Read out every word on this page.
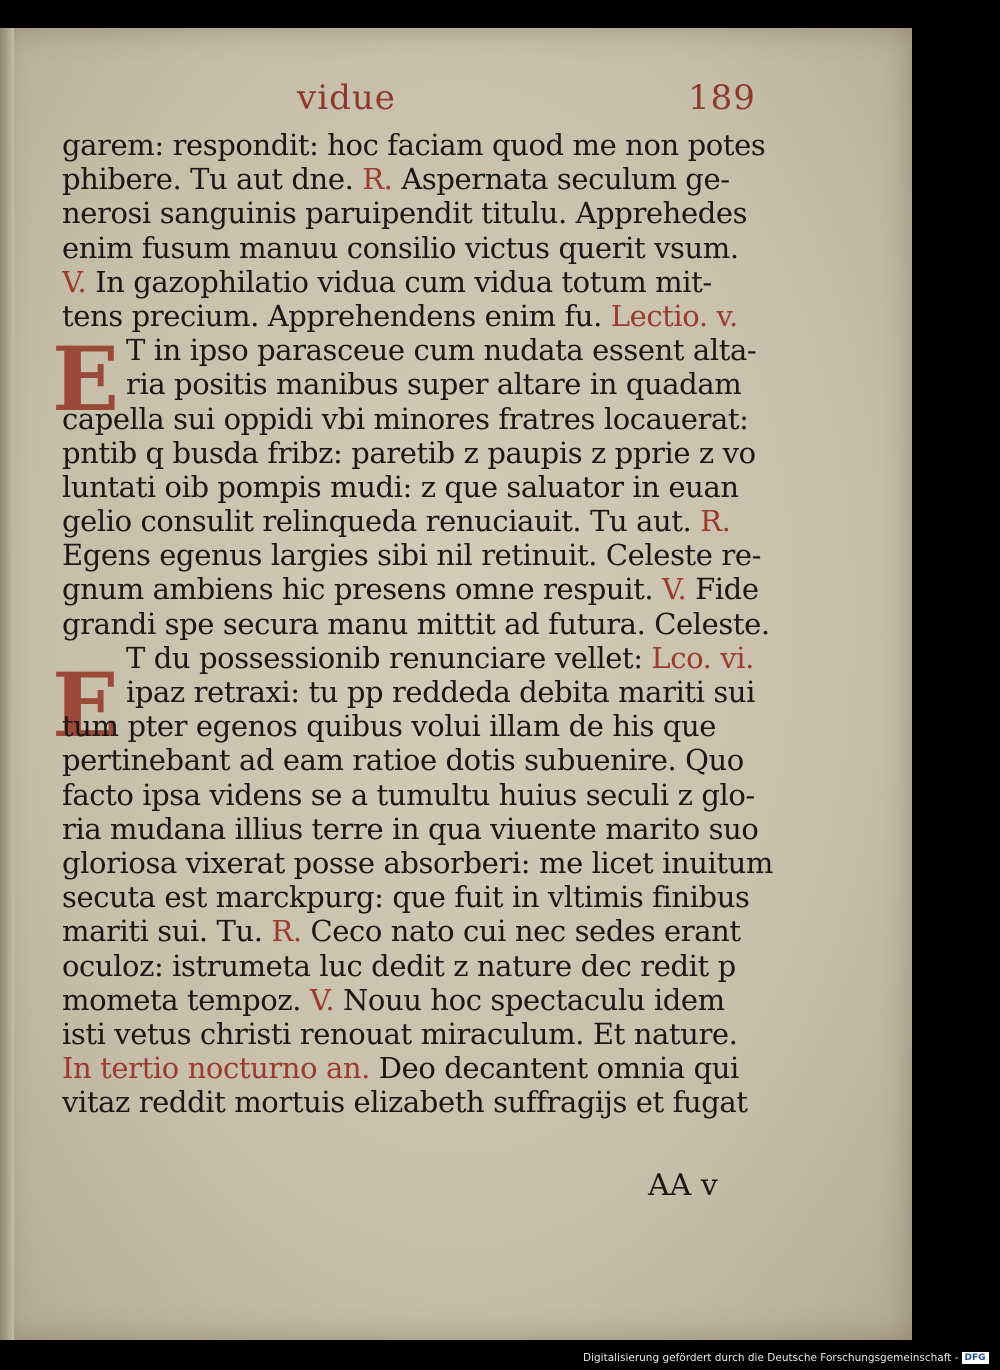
vidue	189
E
E
garem: respondit: hoc faciam quod me non potes
phibere. Tu aut dne. R. Aspernata seculum ge-
nerosi sanguinis paruipendit titulu. Apprehedes
enim fusum manuu consilio victus querit vsum.
V. In gazophilatio vidua cum vidua totum mit-
tens precium. Apprehendens enim fu. Lectio. v.
T in ipso parasceue cum nudata essent alta-
ria positis manibus super altare in quadam
capella sui oppidi vbi minores fratres locauerat:
pntib q busda fribz: paretib z paupis z pprie z vo
luntati oib pompis mudi: z que saluator in euan
gelio consulit relinqueda renuciauit. Tu aut. R.
Egens egenus largies sibi nil retinuit. Celeste re-
gnum ambiens hic presens omne respuit. V. Fide
grandi spe secura manu mittit ad futura. Celeste.
T du possessionib renunciare vellet: Lco. vi.
ipaz retraxi: tu pp reddeda debita mariti sui
tum pter egenos quibus volui illam de his que
pertinebant ad eam ratioe dotis subuenire. Quo
facto ipsa videns se a tumultu huius seculi z glo-
ria mudana illius terre in qua viuente marito suo
gloriosa vixerat posse absorberi: me licet inuitum
secuta est marckpurg: que fuit in vltimis finibus
mariti sui. Tu. R. Ceco nato cui nec sedes erant
oculoz: istrumeta luc dedit z nature dec redit p
mometa tempoz. V. Nouu hoc spectaculu idem
isti vetus christi renouat miraculum. Et nature.
In tertio nocturno an. Deo decantent omnia qui
vitaz reddit mortuis elizabeth suffragijs et fugat
AA v
Digitalisierung gefördert durch die Deutsche Forschungsgemeinschaft - DFG
